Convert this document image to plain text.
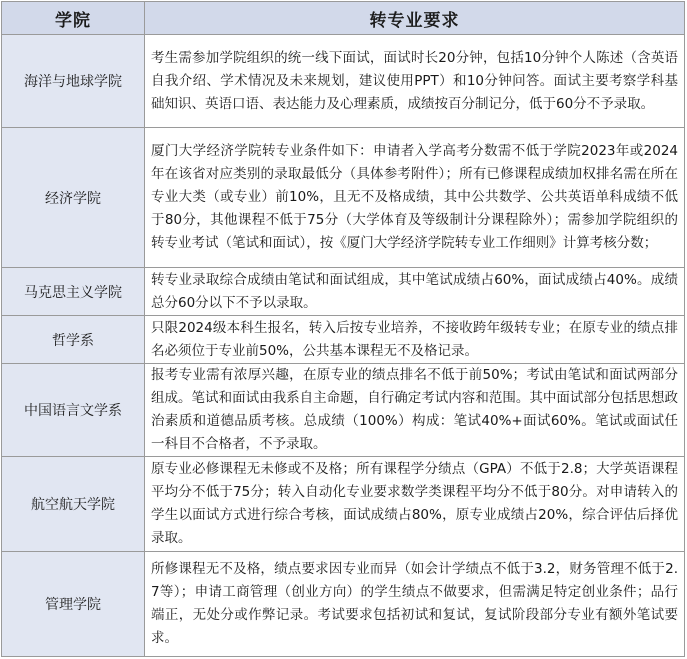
学院	转专业要求
海洋与地球学院	考生需参加学院组织的统一线下面试，面试时长20分钟，包括10分钟个人陈述（含英语自我介绍、学术情况及未来规划，建议使用PPT）和10分钟问答。面试主要考察学科基础知识、英语口语、表达能力及心理素质，成绩按百分制记分，低于60分不予录取。
经济学院	厦门大学经济学院转专业条件如下：申请者入学高考分数需不低于学院2023年或2024年在该省对应类别的录取最低分（具体参考附件）；所有已修课程成绩加权排名需在所在专业大类（或专业）前10%，且无不及格成绩，其中公共数学、公共英语单科成绩不低于80分，其他课程不低于75分（大学体育及等级制计分课程除外）；需参加学院组织的转专业考试（笔试和面试），按《厦门大学经济学院转专业工作细则》计算考核分数；
马克思主义学院	转专业录取综合成绩由笔试和面试组成，其中笔试成绩占60%，面试成绩占40%。成绩总分60分以下不予以录取。
哲学系	只限2024级本科生报名，转入后按专业培养，不接收跨年级转专业；在原专业的绩点排名必须位于专业前50%，公共基本课程无不及格记录。
中国语言文学系	报考专业需有浓厚兴趣，在原专业的绩点排名不低于前50%；考试由笔试和面试两部分组成。笔试和面试由我系自主命题，自行确定考试内容和范围。其中面试部分包括思想政治素质和道德品质考核。总成绩（100%）构成：笔试40%+面试60%。笔试或面试任一科目不合格者，不予录取。
航空航天学院	原专业必修课程无未修或不及格；所有课程学分绩点（GPA）不低于2.8；大学英语课程平均分不低于75分；转入自动化专业要求数学类课程平均分不低于80分。对申请转入的学生以面试方式进行综合考核，面试成绩占80%，原专业成绩占20%，综合评估后择优录取。
管理学院	所修课程无不及格，绩点要求因专业而异（如会计学绩点不低于3.2，财务管理不低于2.7等）；申请工商管理（创业方向）的学生绩点不做要求，但需满足特定创业条件；品行端正，无处分或作弊记录。考试要求包括初试和复试，复试阶段部分专业有额外笔试要求。
